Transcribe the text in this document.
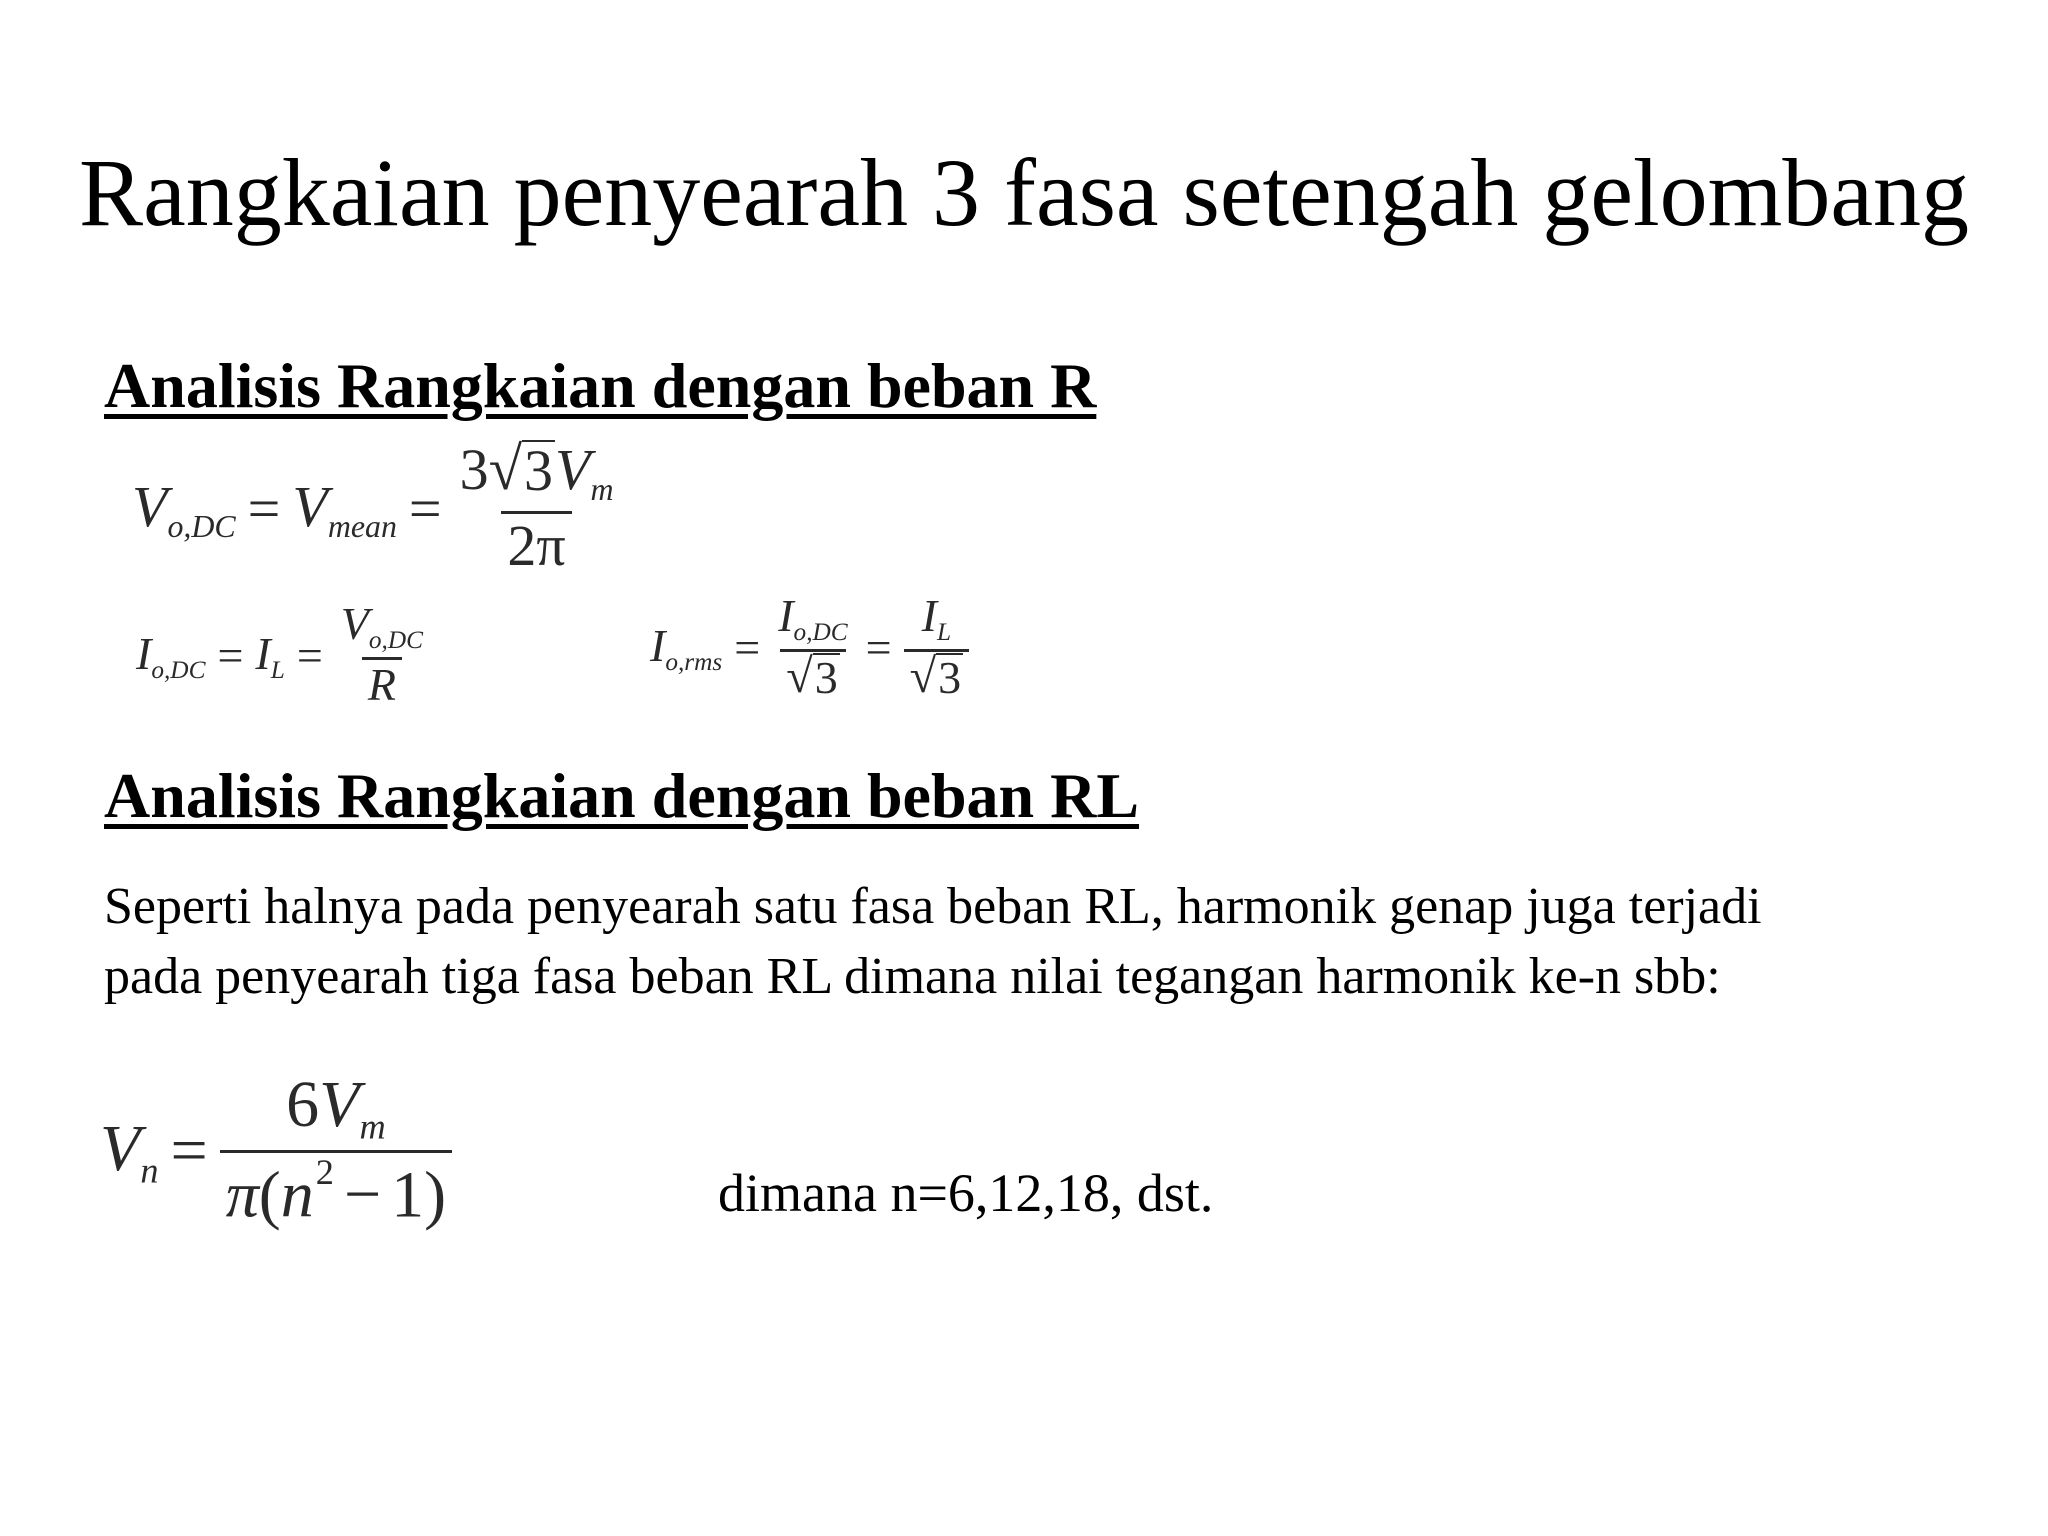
Rangkaian penyearah 3 fasa setengah gelombang
Analisis Rangkaian dengan beban R
$V_{o,DC} = V_{mean} = \frac{3 √ 3 V_m}{2\pi}$
$I_{o,DC} = I_L = \frac{V_{o,DC}}{R}$	$I_{o,rms} = \frac{I_{o,DC}}{√ 3} = \frac{I_L}{√ 3}$
Analisis Rangkaian dengan beban RL
Seperti halnya pada penyearah satu fasa beban RL, harmonik genap juga terjadi
pada penyearah tiga fasa beban RL dimana nilai tegangan harmonik ke-n sbb:
$V_n = \frac{6V_m}{\pi(n^2 - 1)}$	dimana n=6,12,18, dst.
